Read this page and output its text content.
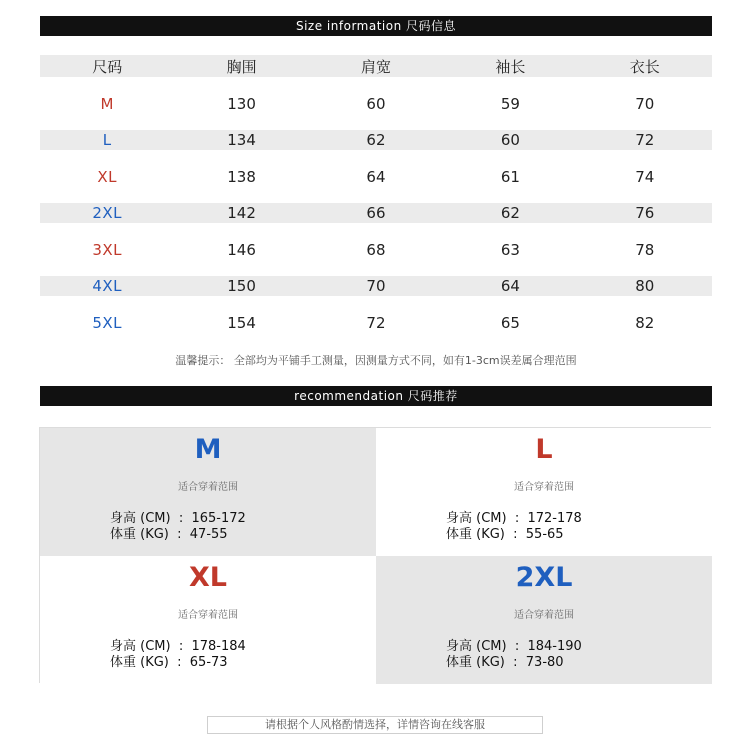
Size information 尺码信息
尺码	胸围	肩宽	袖长	衣长
M	130	60	59	70
L	134	62	60	72
XL	138	64	61	74
2XL	142	66	62	76
3XL	146	68	63	78
4XL	150	70	64	80
5XL	154	72	65	82
温馨提示： 全部均为平铺手工测量，因测量方式不同，如有1-3cm误差属合理范围
recommendation 尺码推荐
M
适合穿着范围
身高 (CM)  :  165-172
体重 (KG)  :  47-55
L
适合穿着范围
身高 (CM)  :  172-178
体重 (KG)  :  55-65
XL
适合穿着范围
身高 (CM)  :  178-184
体重 (KG)  :  65-73
2XL
适合穿着范围
身高 (CM)  :  184-190
体重 (KG)  :  73-80
请根据个人风格酌情选择，详情咨询在线客服
